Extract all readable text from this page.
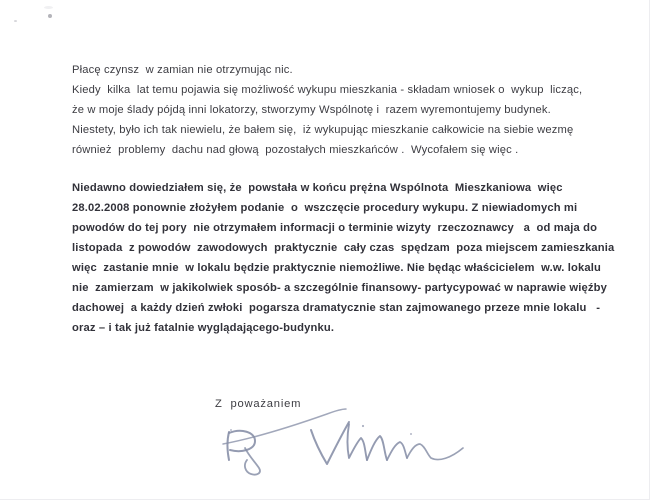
Płacę czynsz  w zamian nie otrzymując nic.
Kiedy  kilka  lat temu pojawia się możliwość wykupu mieszkania - składam wniosek o  wykup  licząc,
że w moje ślady pójdą inni lokatorzy, stworzymy Wspólnotę i  razem wyremontujemy budynek.
Niestety, było ich tak niewielu, że bałem się,  iż wykupując mieszkanie całkowicie na siebie wezmę
również  problemy  dachu nad głową  pozostałych mieszkańców .  Wycofałem się więc .

Niedawno dowiedziałem się, że  powstała w końcu prężna Wspólnota  Mieszkaniowa  więc
28.02.2008 ponownie złożyłem podanie  o  wszczęcie procedury wykupu. Z niewiadomych mi
powodów do tej pory  nie otrzymałem informacji o terminie wizyty  rzeczoznawcy   a  od maja do
listopada  z powodów  zawodowych  praktycznie  cały czas  spędzam  poza miejscem zamieszkania
więc  zastanie mnie  w lokalu będzie praktycznie niemożliwe. Nie będąc właścicielem  w.w. lokalu
nie  zamierzam  w jakikolwiek sposób- a szczególnie finansowy- partycypować w naprawie więźby
dachowej  a każdy dzień zwłoki  pogarsza dramatycznie stan zajmowanego przeze mnie lokalu   -
oraz – i tak już fatalnie wyglądającego-budynku.

Z  poważaniem
